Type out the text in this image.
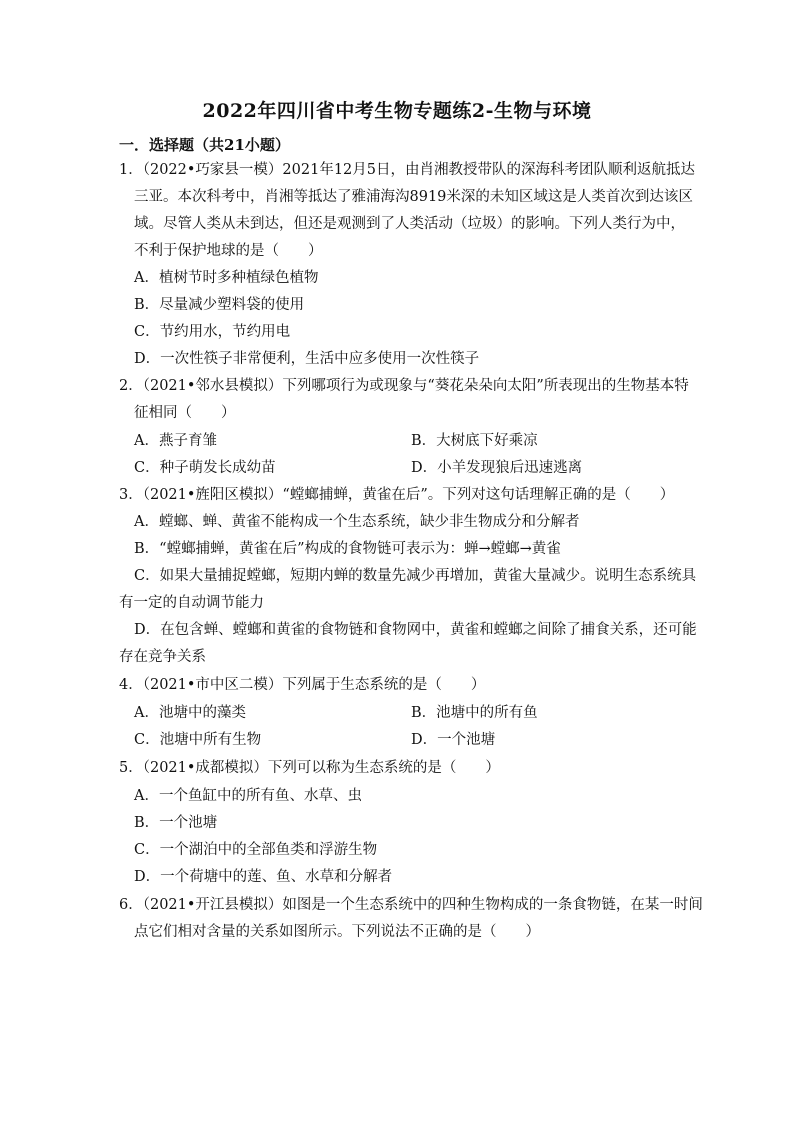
2022年四川省中考生物专题练2-生物与环境
一．选择题（共21小题）
1．（2022•巧家县一模）2021年12月5日，由肖湘教授带队的深海科考团队顺利返航抵达
三亚。本次科考中，肖湘等抵达了雅浦海沟8919米深的未知区域这是人类首次到达该区
域。尽管人类从未到达，但还是观测到了人类活动（垃圾）的影响。下列人类行为中，
不利于保护地球的是（　　）
A．植树节时多种植绿色植物
B．尽量减少塑料袋的使用
C．节约用水，节约用电
D．一次性筷子非常便利，生活中应多使用一次性筷子
2．（2021•邻水县模拟）下列哪项行为或现象与“葵花朵朵向太阳”所表现出的生物基本特
征相同（　　）
A．燕子育雏	B．大树底下好乘凉
C．种子萌发长成幼苗	D．小羊发现狼后迅速逃离
3．（2021•旌阳区模拟）“螳螂捕蝉，黄雀在后”。下列对这句话理解正确的是（　　）
A．螳螂、蝉、黄雀不能构成一个生态系统，缺少非生物成分和分解者
B．“螳螂捕蝉，黄雀在后”构成的食物链可表示为：蝉→螳螂→黄雀
C．如果大量捕捉螳螂，短期内蝉的数量先减少再增加，黄雀大量减少。说明生态系统具
有一定的自动调节能力
D．在包含蝉、螳螂和黄雀的食物链和食物网中，黄雀和螳螂之间除了捕食关系，还可能
存在竞争关系
4．（2021•市中区二模）下列属于生态系统的是（　　）
A．池塘中的藻类	B．池塘中的所有鱼
C．池塘中所有生物	D．一个池塘
5．（2021•成都模拟）下列可以称为生态系统的是（　　）
A．一个鱼缸中的所有鱼、水草、虫
B．一个池塘
C．一个湖泊中的全部鱼类和浮游生物
D．一个荷塘中的莲、鱼、水草和分解者
6．（2021•开江县模拟）如图是一个生态系统中的四种生物构成的一条食物链，在某一时间
点它们相对含量的关系如图所示。下列说法不正确的是（　　）
